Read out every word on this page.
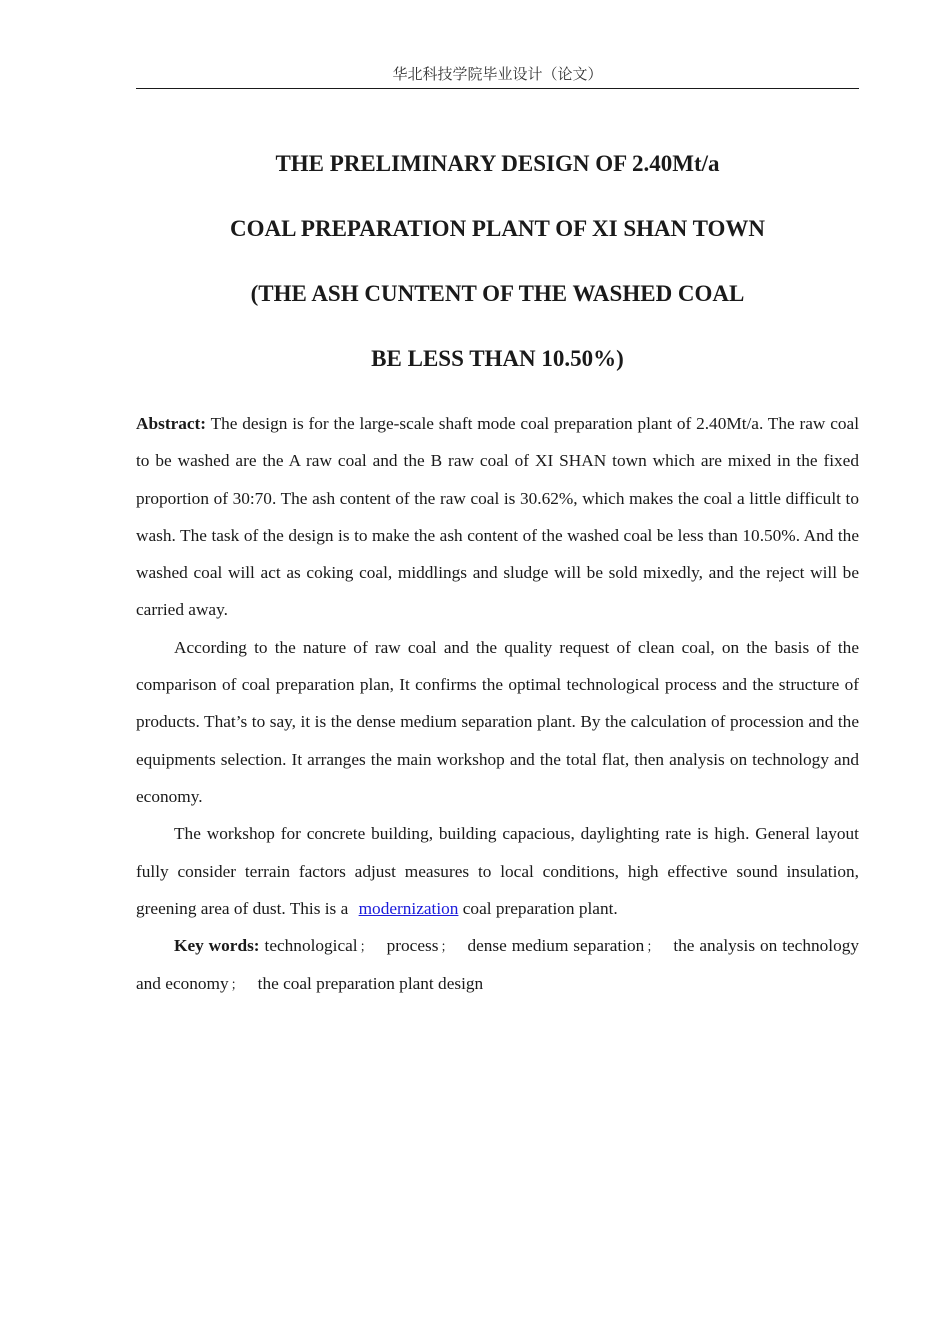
华北科技学院毕业设计（论文）
THE PRELIMINARY DESIGN OF 2.40Mt/a
COAL PREPARATION PLANT OF XI SHAN TOWN
(THE ASH CUNTENT OF THE WASHED COAL
BE LESS THAN 10.50%)

Abstract: The design is for the large-scale shaft mode coal preparation plant of 2.40Mt/a. The raw coal to be washed are the A raw coal and the B raw coal of XI SHAN town which are mixed in the fixed proportion of 30:70. The ash content of the raw coal is 30.62%, which makes the coal a little difficult to wash. The task of the design is to make the ash content of the washed coal be less than 10.50%. And the washed coal will act as coking coal, middlings and sludge will be sold mixedly, and the reject will be carried away.

According to the nature of raw coal and the quality request of clean coal, on the basis of the comparison of coal preparation plan, It confirms the optimal technological process and the structure of products. That’s to say, it is the dense medium separation plant. By the calculation of procession and the equipments selection. It arranges the main workshop and the total flat, then analysis on technology and economy.

The workshop for concrete building, building capacious, daylighting rate is high. General layout fully consider terrain factors adjust measures to local conditions, high effective sound insulation, greening area of dust. This is a modernization coal preparation plant.

Key words: technological ； process ； dense medium separation ； the analysis on technology and economy ； the coal preparation plant design
